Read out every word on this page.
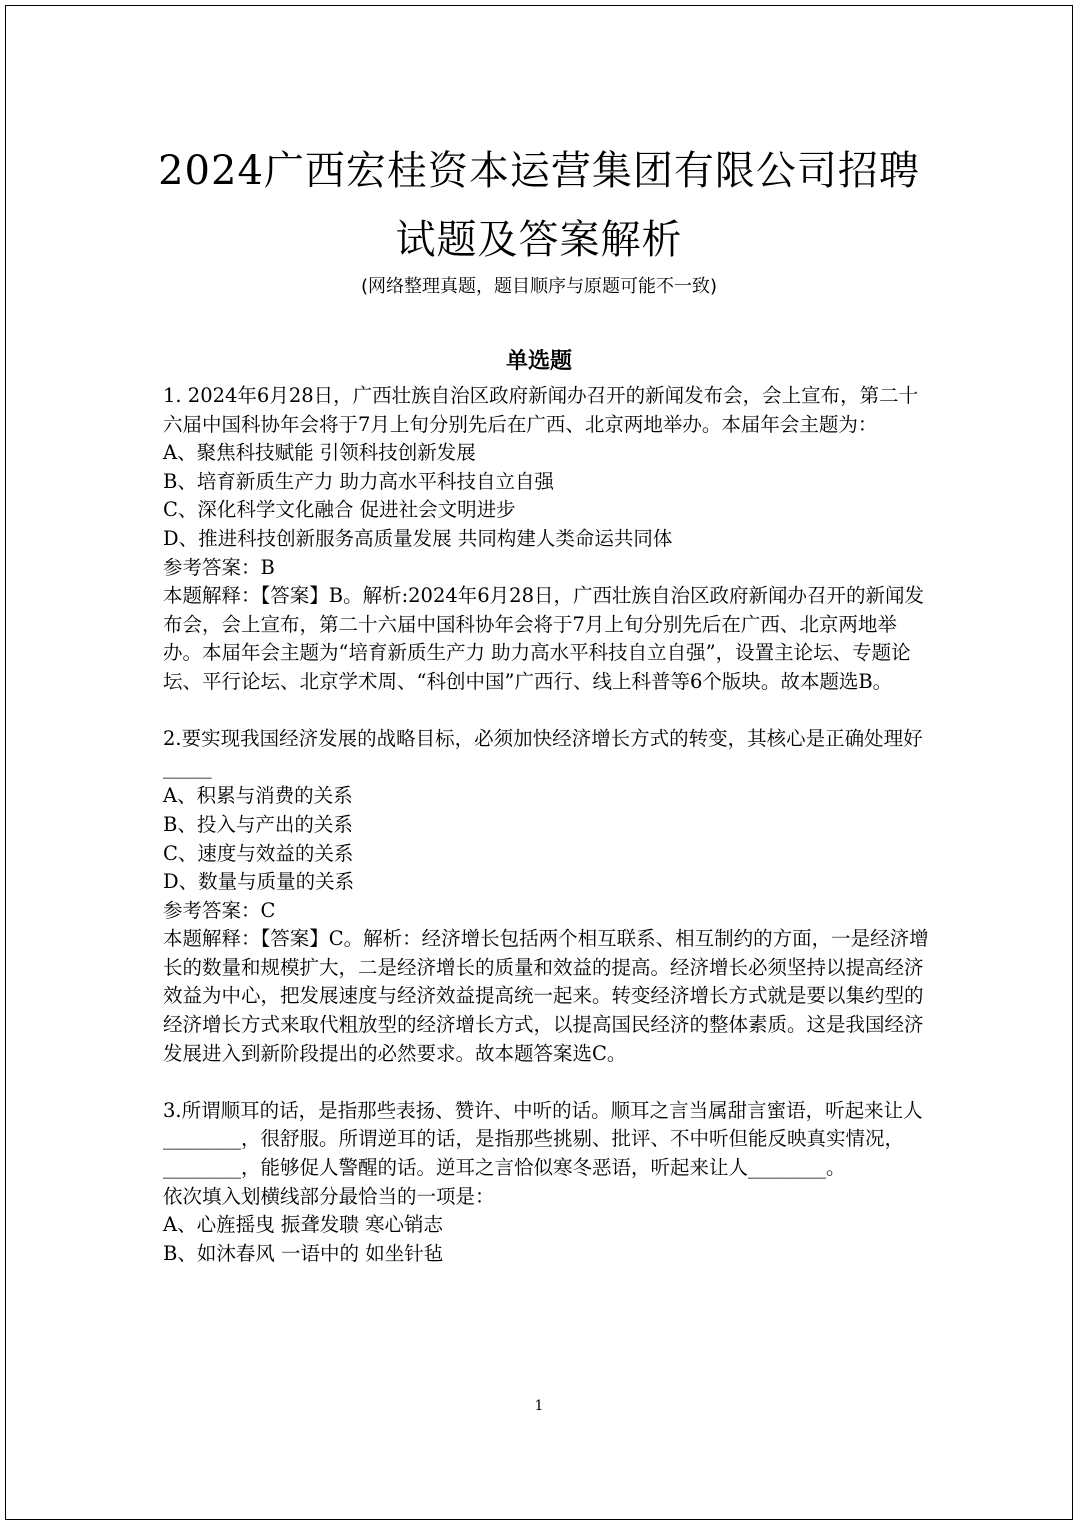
2024广西宏桂资本运营集团有限公司招聘
试题及答案解析
(网络整理真题，题目顺序与原题可能不一致)
单选题

1. 2024年6月28日，广西壮族自治区政府新闻办召开的新闻发布会，会上宣布，第二十六届中国科协年会将于7月上旬分别先后在广西、北京两地举办。本届年会主题为：

A、聚焦科技赋能 引领科技创新发展

B、培育新质生产力 助力高水平科技自立自强

C、深化科学文化融合 促进社会文明进步

D、推进科技创新服务高质量发展 共同构建人类命运共同体

参考答案：B

本题解释：【答案】B。解析:2024年6月28日，广西壮族自治区政府新闻办召开的新闻发布会，会上宣布，第二十六届中国科协年会将于7月上旬分别先后在广西、北京两地举办。本届年会主题为“培育新质生产力 助力高水平科技自立自强”，设置主论坛、专题论坛、平行论坛、北京学术周、“科创中国”广西行、线上科普等6个版块。故本题选B。

2.要实现我国经济发展的战略目标，必须加快经济增长方式的转变，其核心是正确处理好_____

A、积累与消费的关系

B、投入与产出的关系

C、速度与效益的关系

D、数量与质量的关系

参考答案：C

本题解释：【答案】C。解析：经济增长包括两个相互联系、相互制约的方面，一是经济增长的数量和规模扩大，二是经济增长的质量和效益的提高。经济增长必须坚持以提高经济效益为中心，把发展速度与经济效益提高统一起来。转变经济增长方式就是要以集约型的经济增长方式来取代粗放型的经济增长方式，以提高国民经济的整体素质。这是我国经济发展进入到新阶段提出的必然要求。故本题答案选C。

3.所谓顺耳的话，是指那些表扬、赞许、中听的话。顺耳之言当属甜言蜜语，听起来让人________，很舒服。所谓逆耳的话，是指那些挑剔、批评、不中听但能反映真实情况，________，能够促人警醒的话。逆耳之言恰似寒冬恶语，听起来让人________。

依次填入划横线部分最恰当的一项是：

A、心旌摇曳 振聋发聩 寒心销志

B、如沐春风 一语中的 如坐针毡

1
